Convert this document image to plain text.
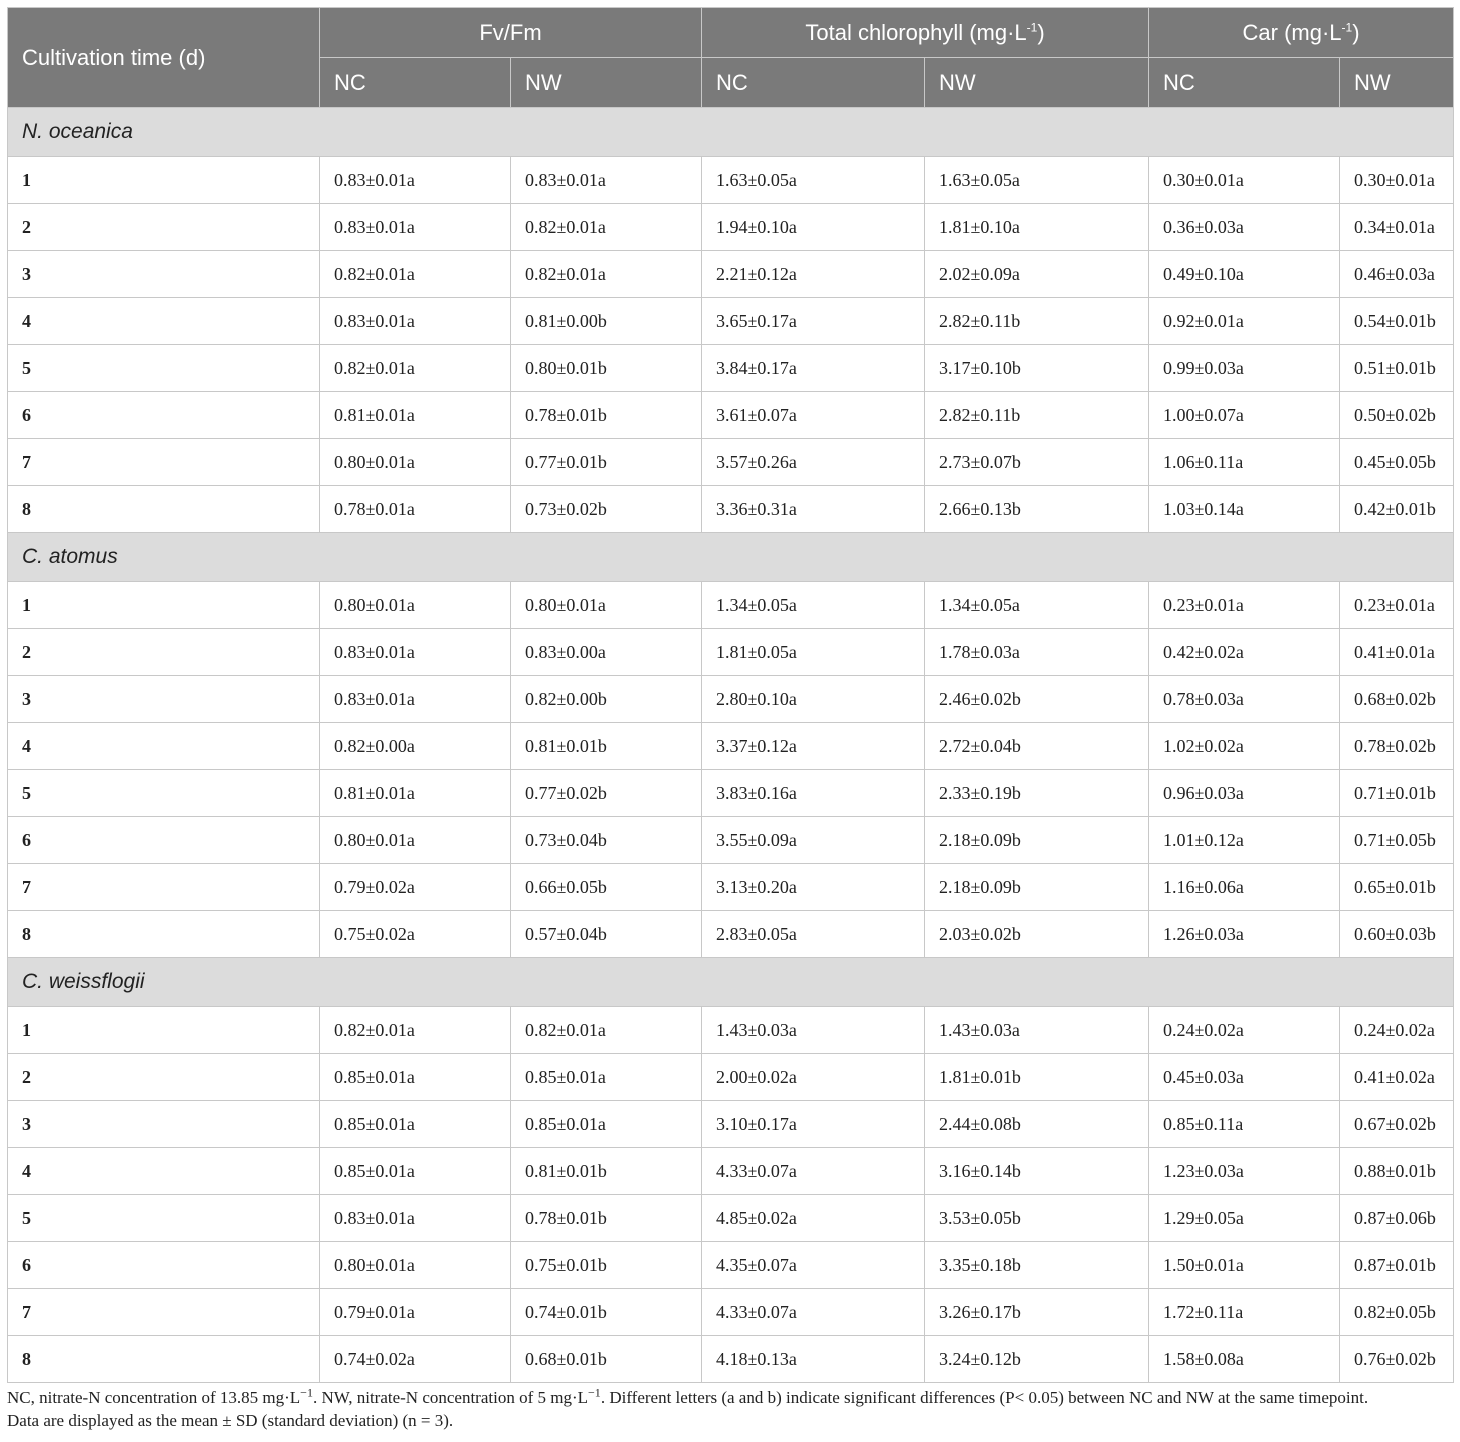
Cultivation time (d)	Fv/Fm		Total chlorophyll $(mg\cdot L^{-1})$		Car $(mg\cdot L^{-1})$	
	NC	NW	NC	NW	NC	NW
N. oceanica						
1	0.83±0.01a	0.83±0.01a	1.63±0.05a	1.63±0.05a	0.30±0.01a	0.30±0.01a
2	0.83±0.01a	0.82±0.01a	1.94±0.10a	1.81±0.10a	0.36±0.03a	0.34±0.01a
3	0.82±0.01a	0.82±0.01a	2.21±0.12a	2.02±0.09a	0.49±0.10a	0.46±0.03a
4	0.83±0.01a	0.81±0.00b	3.65±0.17a	2.82±0.11b	0.92±0.01a	0.54±0.01b
5	0.82±0.01a	0.80±0.01b	3.84±0.17a	3.17±0.10b	0.99±0.03a	0.51±0.01b
6	0.81±0.01a	0.78±0.01b	3.61±0.07a	2.82±0.11b	1.00±0.07a	0.50±0.02b
7	0.80±0.01a	0.77±0.01b	3.57±0.26a	2.73±0.07b	1.06±0.11a	0.45±0.05b
8	0.78±0.01a	0.73±0.02b	3.36±0.31a	2.66±0.13b	1.03±0.14a	0.42±0.01b
C. atomus						
1	0.80±0.01a	0.80±0.01a	1.34±0.05a	1.34±0.05a	0.23±0.01a	0.23±0.01a
2	0.83±0.01a	0.83±0.00a	1.81±0.05a	1.78±0.03a	0.42±0.02a	0.41±0.01a
3	0.83±0.01a	0.82±0.00b	2.80±0.10a	2.46±0.02b	0.78±0.03a	0.68±0.02b
4	0.82±0.00a	0.81±0.01b	3.37±0.12a	2.72±0.04b	1.02±0.02a	0.78±0.02b
5	0.81±0.01a	0.77±0.02b	3.83±0.16a	2.33±0.19b	0.96±0.03a	0.71±0.01b
6	0.80±0.01a	0.73±0.04b	3.55±0.09a	2.18±0.09b	1.01±0.12a	0.71±0.05b
7	0.79±0.02a	0.66±0.05b	3.13±0.20a	2.18±0.09b	1.16±0.06a	0.65±0.01b
8	0.75±0.02a	0.57±0.04b	2.83±0.05a	2.03±0.02b	1.26±0.03a	0.60±0.03b
C. weissflogii						
1	0.82±0.01a	0.82±0.01a	1.43±0.03a	1.43±0.03a	0.24±0.02a	0.24±0.02a
2	0.85±0.01a	0.85±0.01a	2.00±0.02a	1.81±0.01b	0.45±0.03a	0.41±0.02a
3	0.85±0.01a	0.85±0.01a	3.10±0.17a	2.44±0.08b	0.85±0.11a	0.67±0.02b
4	0.85±0.01a	0.81±0.01b	4.33±0.07a	3.16±0.14b	1.23±0.03a	0.88±0.01b
5	0.83±0.01a	0.78±0.01b	4.85±0.02a	3.53±0.05b	1.29±0.05a	0.87±0.06b
6	0.80±0.01a	0.75±0.01b	4.35±0.07a	3.35±0.18b	1.50±0.01a	0.87±0.01b
7	0.79±0.01a	0.74±0.01b	4.33±0.07a	3.26±0.17b	1.72±0.11a	0.82±0.05b
8	0.74±0.02a	0.68±0.01b	4.18±0.13a	3.24±0.12b	1.58±0.08a	0.76±0.02b
NC, nitrate-N concentration of 13.85 $mg\cdot L^{-1}$. NW, nitrate-N concentration of 5 $mg\cdot L^{-1}$. Different letters (a and b) indicate significant differences (P< 0.05) between NC and NW at the same timepoint.
Data are displayed as the mean ± SD (standard deviation) (n = 3).
